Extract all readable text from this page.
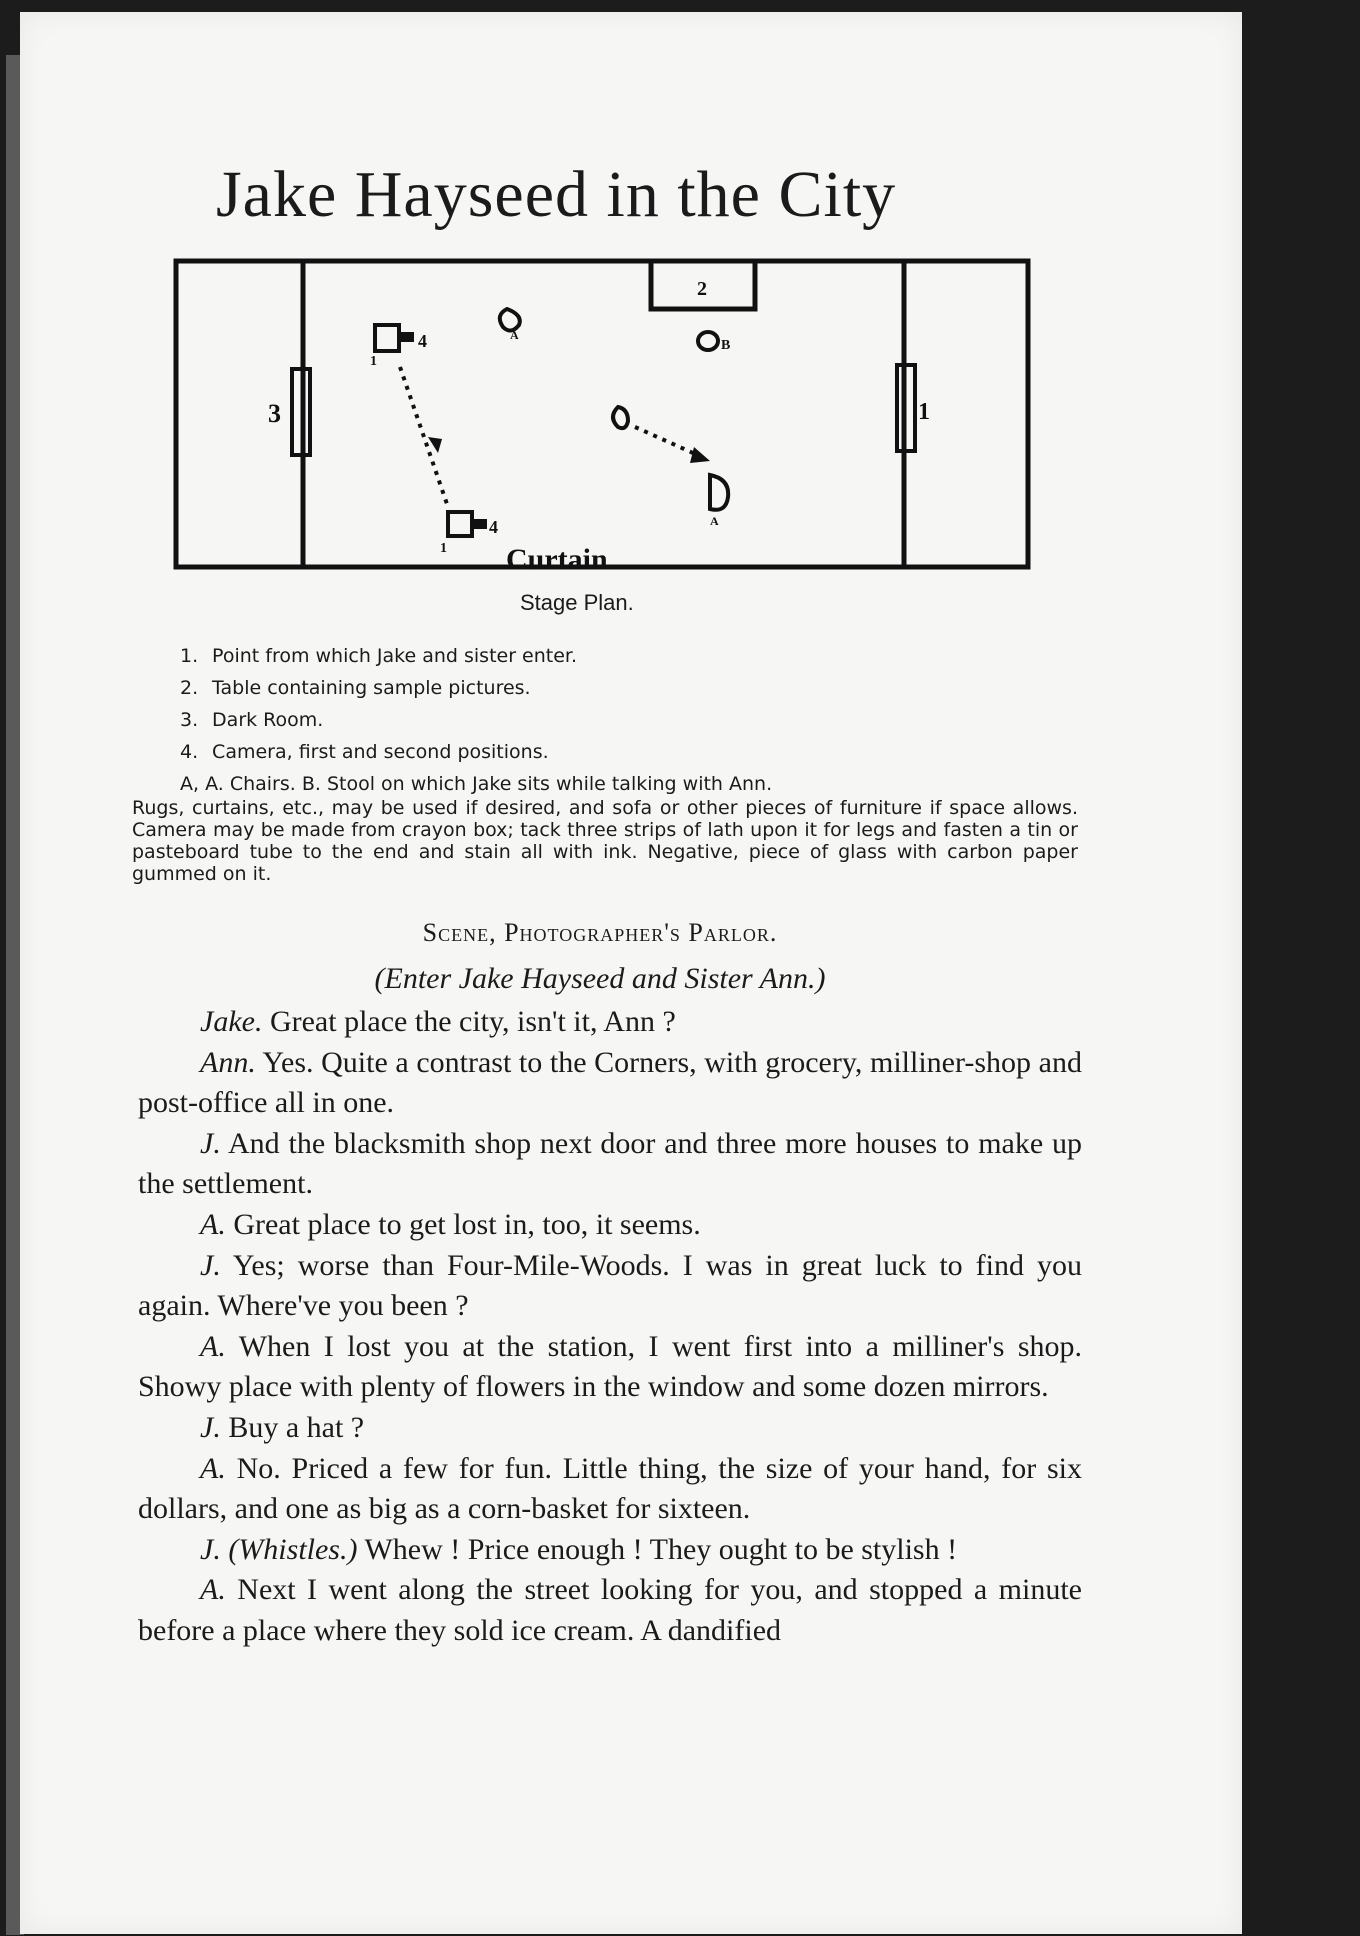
Jake Hayseed in the City
2
3	1
4
4
1
1
A
B
A
Curtain
Stage Plan.
1. Point from which Jake and sister enter.
2. Table containing sample pictures.
3. Dark Room.
4. Camera, first and second positions.
A, A. Chairs. B. Stool on which Jake sits while talking with Ann.
Rugs, curtains, etc., may be used if desired, and sofa or other pieces of furniture if space allows. Camera may be made from crayon box; tack three strips of lath upon it for legs and fasten a tin or pasteboard tube to the end and stain all with ink. Negative, piece of glass with carbon paper gummed on it.
Scene, Photographer's Parlor.
(Enter Jake Hayseed and Sister Ann.)

Jake. Great place the city, isn't it, Ann ?

Ann. Yes. Quite a contrast to the Corners, with grocery, milliner-shop and post-office all in one.

J. And the blacksmith shop next door and three more houses to make up the settlement.

A. Great place to get lost in, too, it seems.

J. Yes; worse than Four-Mile-Woods. I was in great luck to find you again. Where've you been ?

A. When I lost you at the station, I went first into a milliner's shop. Showy place with plenty of flowers in the window and some dozen mirrors.

J. Buy a hat ?

A. No. Priced a few for fun. Little thing, the size of your hand, for six dollars, and one as big as a corn-basket for sixteen.

J. (Whistles.) Whew ! Price enough ! They ought to be stylish !

A. Next I went along the street looking for you, and stopped a minute before a place where they sold ice cream. A dandified
